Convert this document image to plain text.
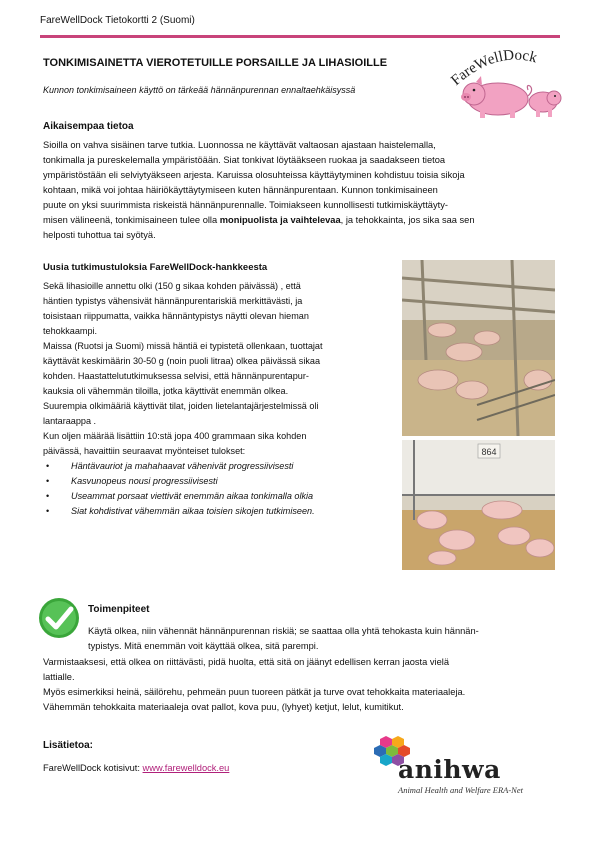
FareWellDock Tietokortti 2 (Suomi)
TONKIMISAINETTA VIEROTETUILLE PORSAILLE JA LIHASIOILLE
Kunnon tonkimisaineen käyttö on tärkeää hännänpurennan ennaltaehkäisyssä
FareWellDock
Aikaisempaa tietoa

Sioilla on vahva sisäinen tarve tutkia. Luonnossa ne käyttävät valtaosan ajastaan haistelemalla,

tonkimalla ja pureskelemalla ympäristöään. Siat tonkivat löytääkseen ruokaa ja saadakseen tietoa

ympäristöstään eli selviytyäkseen arjesta. Karuissa olosuhteissa käyttäytyminen kohdistuu toisia sikoja

kohtaan, mikä voi johtaa häiriökäyttäytymiseen kuten hännänpurentaan. Kunnon tonkimisaineen

puute on yksi suurimmista riskeistä hännänpurennalle. Toimiakseen kunnollisesti tutkimiskäyttäyty-

misen välineenä, tonkimisaineen tulee olla monipuolista ja vaihtelevaa, ja tehokkainta, jos sika saa sen

helposti tuhottua tai syötyä.

Uusia tutkimustuloksia FareWellDock-hankkeesta

Sekä lihasioille annettu olki (150 g sikaa kohden päivässä) , että

häntien typistys vähensivät hännänpurentariskiä merkittävästi, ja

toisistaan riippumatta, vaikka hännäntypistys näytti olevan hieman

tehokkaampi.

Maissa (Ruotsi ja Suomi) missä häntiä ei typistetä ollenkaan, tuottajat

käyttävät keskimäärin 30-50 g (noin puoli litraa) olkea päivässä sikaa

kohden. Haastattelututkimuksessa selvisi, että hännänpurentapur-

kauksia oli vähemmän tiloilla, jotka käyttivät enemmän olkea.

Suurempia olkimääriä käyttivät tilat, joiden lietelantajärjestelmissä oli

lantaraappa .

Kun oljen määrää lisättiin 10:stä jopa 400 grammaan sika kohden

päivässä, havaittiin seuraavat myönteiset tulokset:

• Häntävauriot ja mahahaavat vähenivät progressiivisesti
• Kasvunopeus nousi progressiivisesti
• Useammat porsaat viettivät enemmän aikaa tonkimalla olkia
• Siat kohdistivat vähemmän aikaa toisien sikojen tutkimiseen.
864
Toimenpiteet

Käytä olkea, niin vähennät hännänpurennan riskiä; se saattaa olla yhtä tehokasta kuin hännän-

typistys. Mitä enemmän voit käyttää olkea, sitä parempi.

Varmistaaksesi, että olkea on riittävästi, pidä huolta, että sitä on jäänyt edellisen kerran jaosta vielä

lattialle.

Myös esimerkiksi heinä, säilörehu, pehmeän puun tuoreen pätkät ja turve ovat tehokkaita materiaaleja.

Vähemmän tehokkaita materiaaleja ovat pallot, kova puu, (lyhyet) ketjut, lelut, kumitikut.

Lisätietoa:
FareWellDock kotisivut: www.farewelldock.eu	anihwa
Animal Health and Welfare ERA-Net
